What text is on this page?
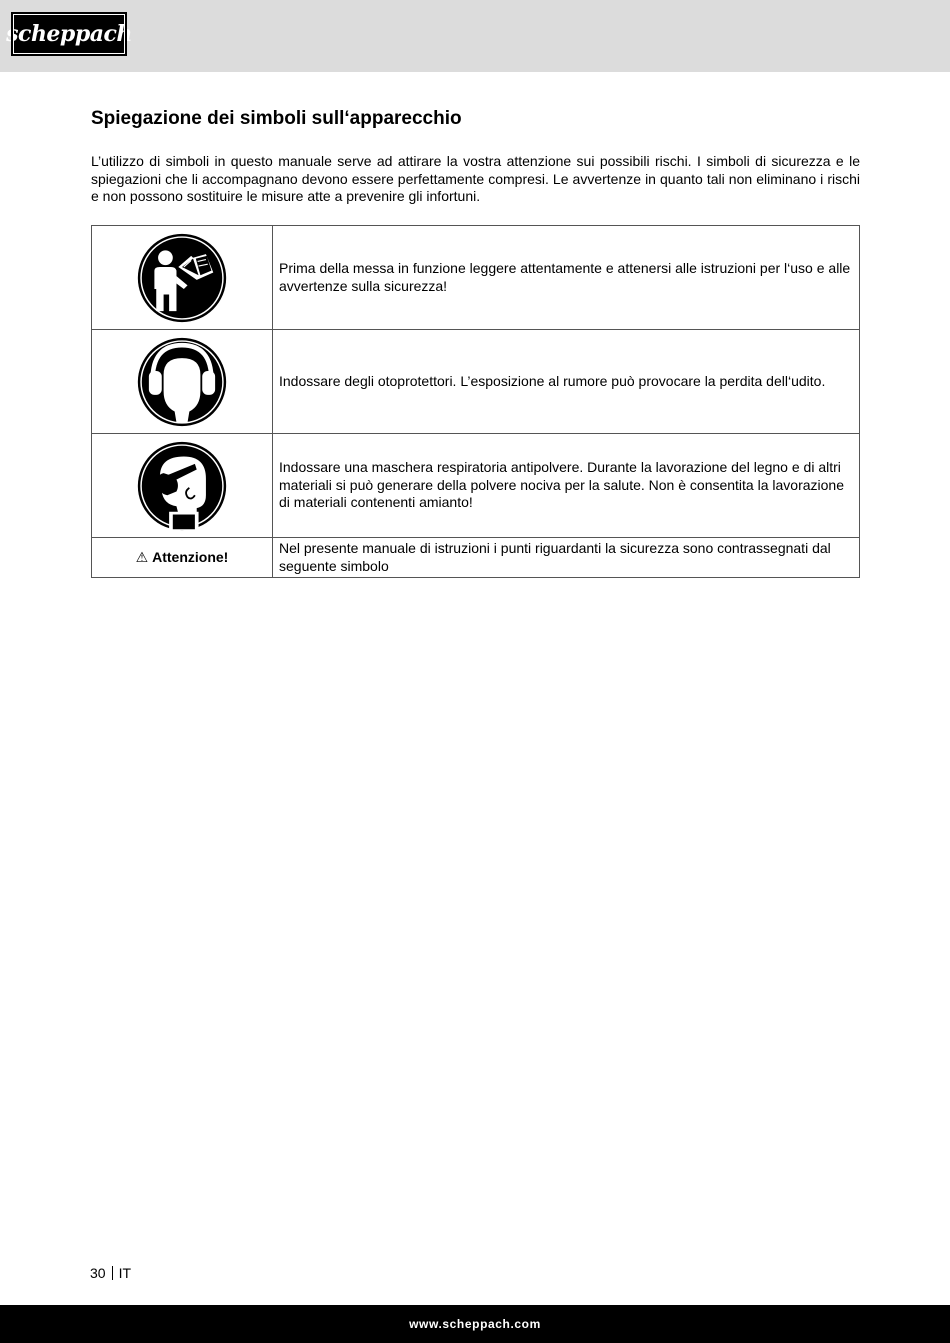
scheppach
Spiegazione dei simboli sull‘apparecchio

L’utilizzo di simboli in questo manuale serve ad attirare la vostra attenzione sui possibili rischi. I simboli di sicurezza e le spiegazioni che li accompagnano devono essere perfettamente compresi. Le avvertenze in quanto tali non eliminano i rischi e non possono sostituire le misure atte a prevenire gli infortuni.

	Prima della messa in funzione leggere attentamente e attenersi alle istruzioni per l‘uso e alle avvertenze sulla sicurezza!

	Indossare degli otoprotettori. L’esposizione al rumore può provocare la perdita dell‘udito.

	Indossare una maschera respiratoria antipolvere. Durante la lavorazione del legno e di altri materiali si può generare della polvere nociva per la salute. Non è consentita la lavorazione di materiali contenenti amianto!
⚠ Attenzione!	Nel presente manuale di istruzioni i punti riguardanti la sicurezza sono contrassegnati dal seguente simbolo
30 IT
www.scheppach.com
